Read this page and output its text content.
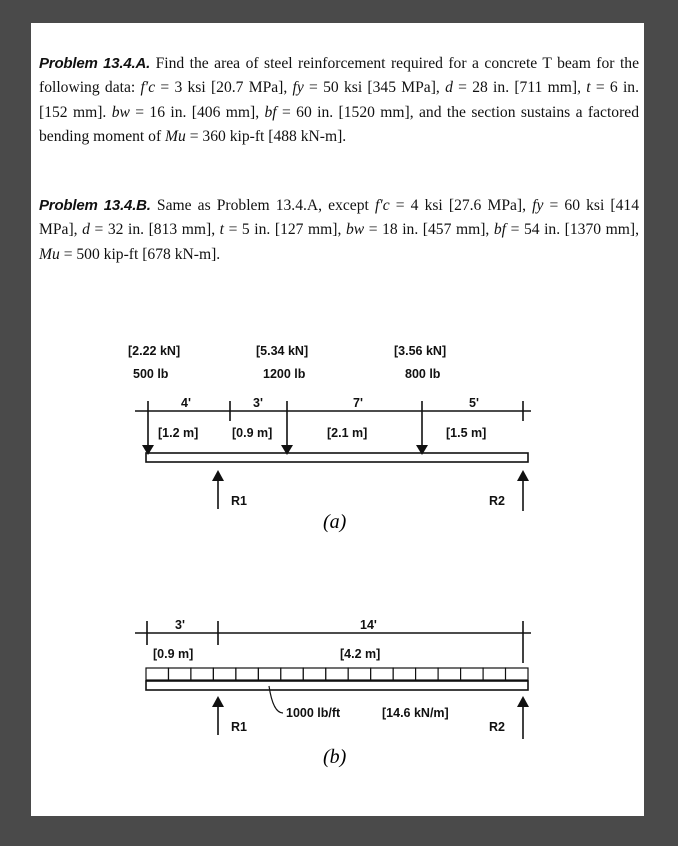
Problem 13.4.A. Find the area of steel reinforcement required for a concrete T beam for the following data: f′c = 3 ksi [20.7 MPa], fy = 50 ksi [345 MPa], d = 28 in. [711 mm], t = 6 in. [152 mm]. bw = 16 in. [406 mm], bf = 60 in. [1520 mm], and the section sustains a factored bending moment of Mu = 360 kip-ft [488 kN-m].

Problem 13.4.B. Same as Problem 13.4.A, except f′c = 4 ksi [27.6 MPa], fy = 60 ksi [414 MPa], d = 32 in. [813 mm], t = 5 in. [127 mm], bw = 18 in. [457 mm], bf = 54 in. [1370 mm], Mu = 500 kip-ft [678 kN-m].

[2.22 kN]
500 lb
[5.34 kN]
1200 lb
[3.56 kN]
800 lb
4'
[1.2 m]
3'
[0.9 m]
7'
[2.1 m]
5'
[1.5 m]
R1	R2
3'
[0.9 m]
14'
[4.2 m]
1000 lb/ft	[14.6 kN/m]
R1	R2
(a)
(b)
